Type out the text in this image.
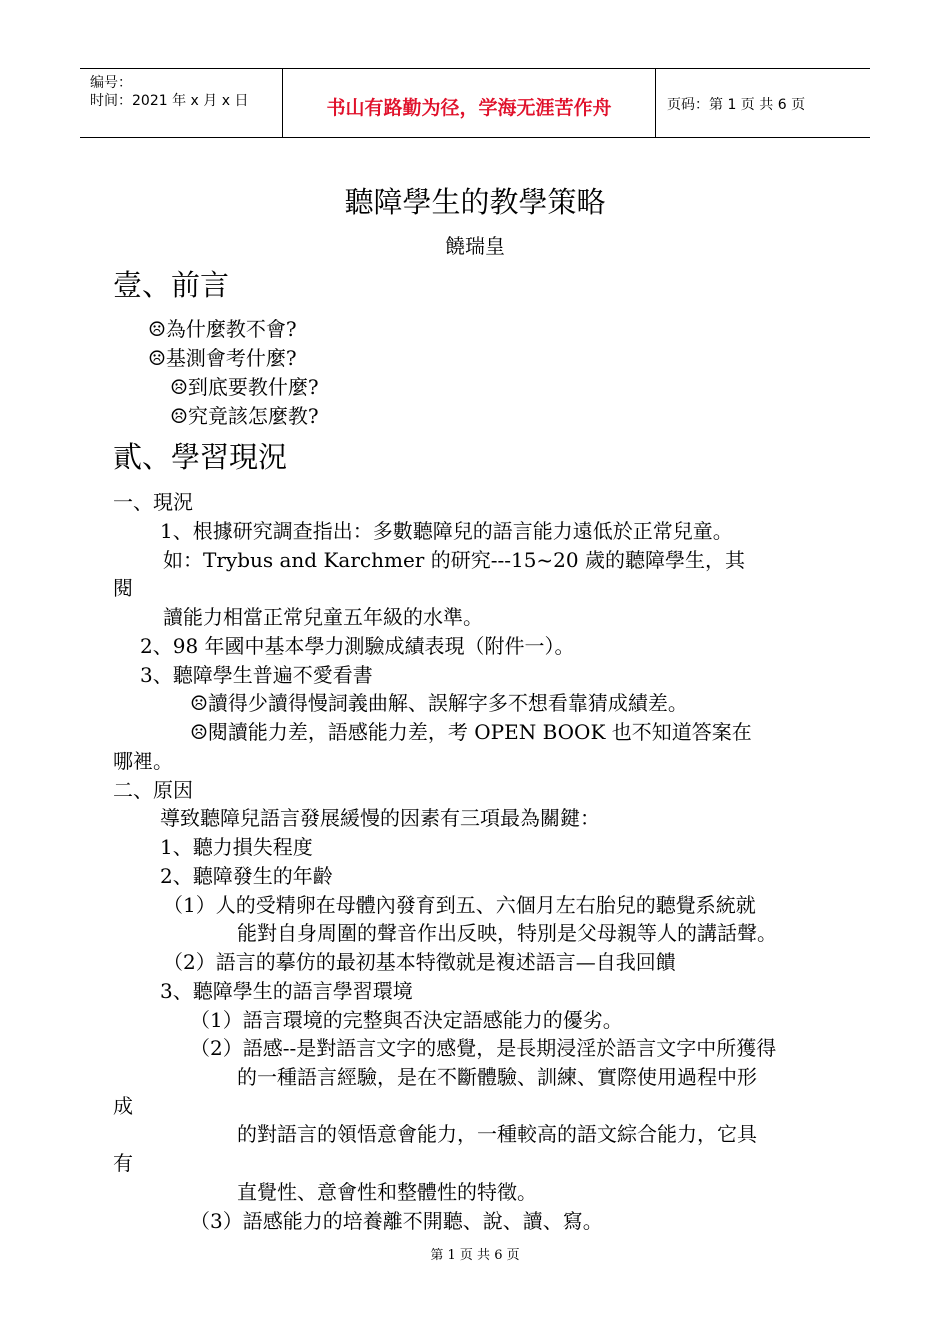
编号：
时间：2021 年 x 月 x 日	书山有路勤为径，学海无涯苦作舟	页码：第 1 页 共 6 页
聽障學生的教學策略
饒瑞皇
壹、前言
☹為什麼教不會?
☹基測會考什麼?
☹到底要教什麼?
☹究竟該怎麼教?
貳、學習現況
一、現況
1、根據研究調查指出：多數聽障兒的語言能力遠低於正常兒童。
如：Trybus and Karchmer 的研究---15~20 歲的聽障學生，其
閱
讀能力相當正常兒童五年級的水準。
2、98 年國中基本學力測驗成績表現（附件一）。
3、聽障學生普遍不愛看書
☹讀得少讀得慢詞義曲解、誤解字多不想看靠猜成績差。
☹閱讀能力差，語感能力差，考 OPEN BOOK 也不知道答案在
哪裡。
二、原因
導致聽障兒語言發展緩慢的因素有三項最為關鍵：
1、聽力損失程度
2、聽障發生的年齡
（1）人的受精卵在母體內發育到五、六個月左右胎兒的聽覺系統就
能對自身周圍的聲音作出反映，特別是父母親等人的講話聲。
（2）語言的摹仿的最初基本特徵就是複述語言—自我回饋
3、聽障學生的語言學習環境
（1）語言環境的完整與否決定語感能力的優劣。
（2）語感--是對語言文字的感覺，是長期浸淫於語言文字中所獲得
的一種語言經驗，是在不斷體驗、訓練、實際使用過程中形
成
的對語言的領悟意會能力，一種較高的語文綜合能力，它具
有
直覺性、意會性和整體性的特徵。
（3）語感能力的培養離不開聽、說、讀、寫。
第 1 页 共 6 页
